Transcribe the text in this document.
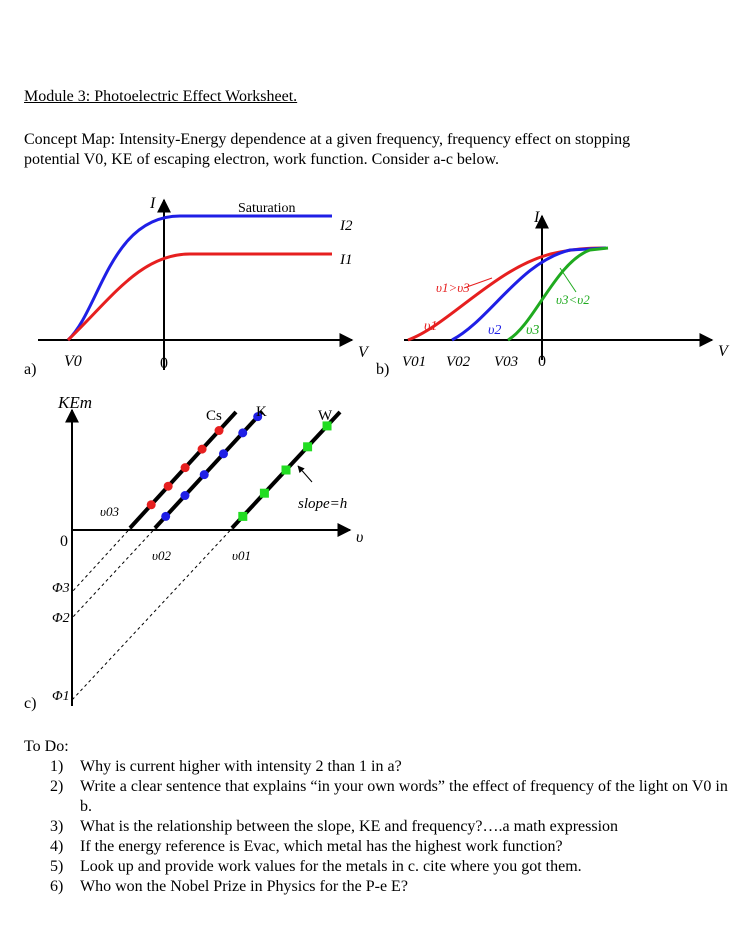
Module 3: Photoelectric Effect Worksheet.
Concept Map: Intensity-Energy dependence at a given frequency, frequency effect on stopping
potential V0, KE of escaping electron, work function. Consider a-c below.
a)
I
V
Saturation
I2
I1
V0	0	b)
I
V
υ1>υ3
υ3<υ2
υ1	υ2 υ3
V01 V02 V03 0
c)
KEm
υ
0
Cs K	W
υ03
υ02	υ01
Φ3
Φ2
Φ1
slope=h
To Do:
1) Why is current higher with intensity 2 than 1 in a?
2) Write a clear sentence that explains “in your own words” the effect of frequency of the light on V0 in b.
3) What is the relationship between the slope, KE and frequency?….a math expression
4) If the energy reference is Evac, which metal has the highest work function?
5) Look up and provide work values for the metals in c. cite where you got them.
6) Who won the Nobel Prize in Physics for the P-e E?
